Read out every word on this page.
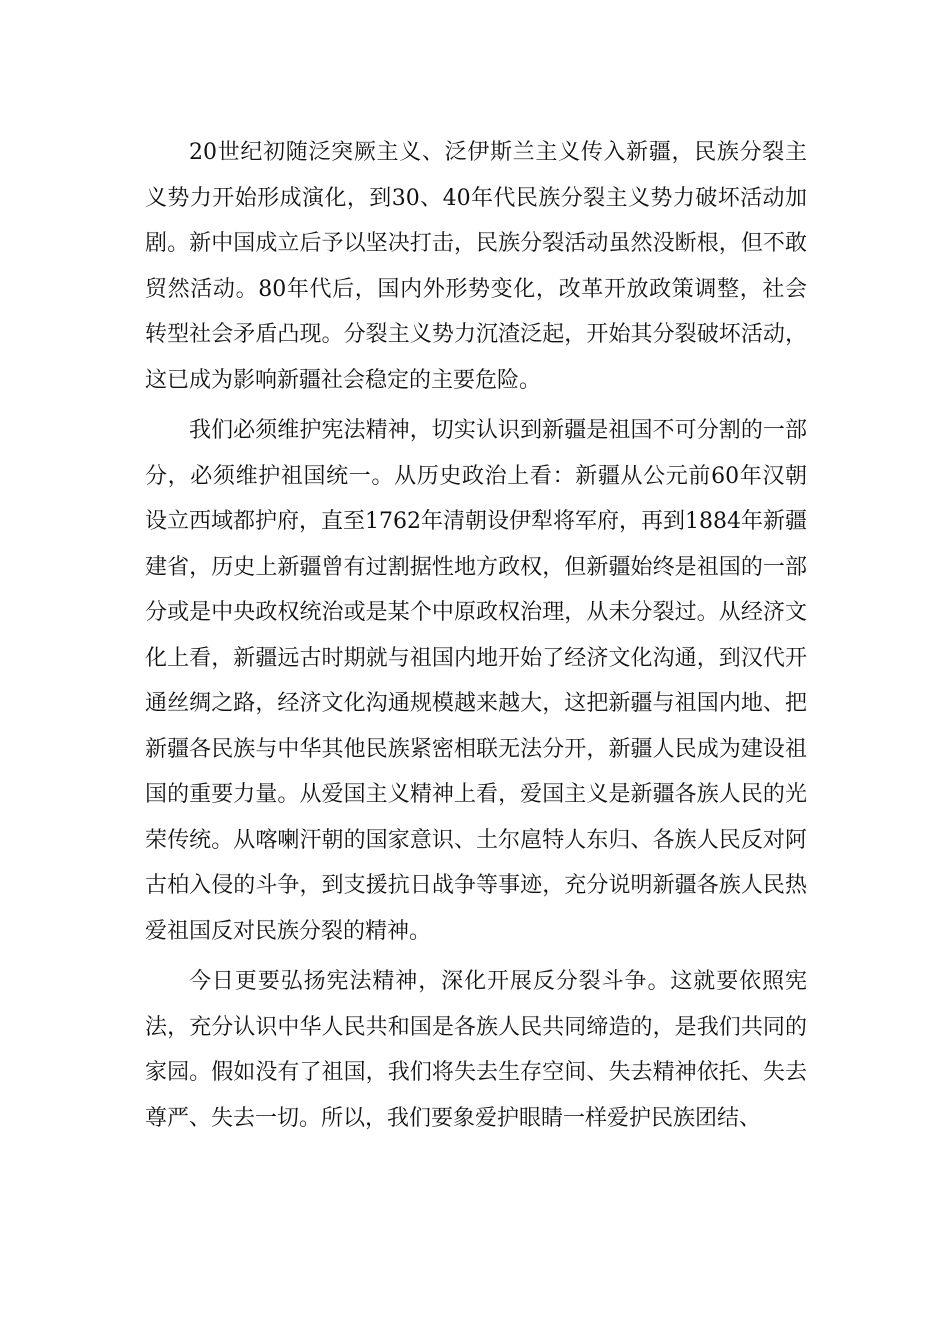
20世纪初随泛突厥主义、泛伊斯兰主义传入新疆，民族分裂主义势力开始形成演化，到30、40年代民族分裂主义势力破坏活动加剧。新中国成立后予以坚决打击，民族分裂活动虽然没断根，但不敢贸然活动。80年代后，国内外形势变化，改革开放政策调整，社会转型社会矛盾凸现。分裂主义势力沉渣泛起，开始其分裂破坏活动，这已成为影响新疆社会稳定的主要危险。

我们必须维护宪法精神，切实认识到新疆是祖国不可分割的一部分，必须维护祖国统一。从历史政治上看：新疆从公元前60年汉朝设立西域都护府，直至1762年清朝设伊犁将军府，再到1884年新疆建省，历史上新疆曾有过割据性地方政权，但新疆始终是祖国的一部分或是中央政权统治或是某个中原政权治理，从未分裂过。从经济文化上看，新疆远古时期就与祖国内地开始了经济文化沟通，到汉代开通丝绸之路，经济文化沟通规模越来越大，这把新疆与祖国内地、把新疆各民族与中华其他民族紧密相联无法分开，新疆人民成为建设祖国的重要力量。从爱国主义精神上看，爱国主义是新疆各族人民的光荣传统。从喀喇汗朝的国家意识、土尔扈特人东归、各族人民反对阿古柏入侵的斗争，到支援抗日战争等事迹，充分说明新疆各族人民热爱祖国反对民族分裂的精神。

今日更要弘扬宪法精神，深化开展反分裂斗争。这就要依照宪法，充分认识中华人民共和国是各族人民共同缔造的，是我们共同的家园。假如没有了祖国，我们将失去生存空间、失去精神依托、失去尊严、失去一切。所以，我们要象爱护眼睛一样爱护民族团结、
